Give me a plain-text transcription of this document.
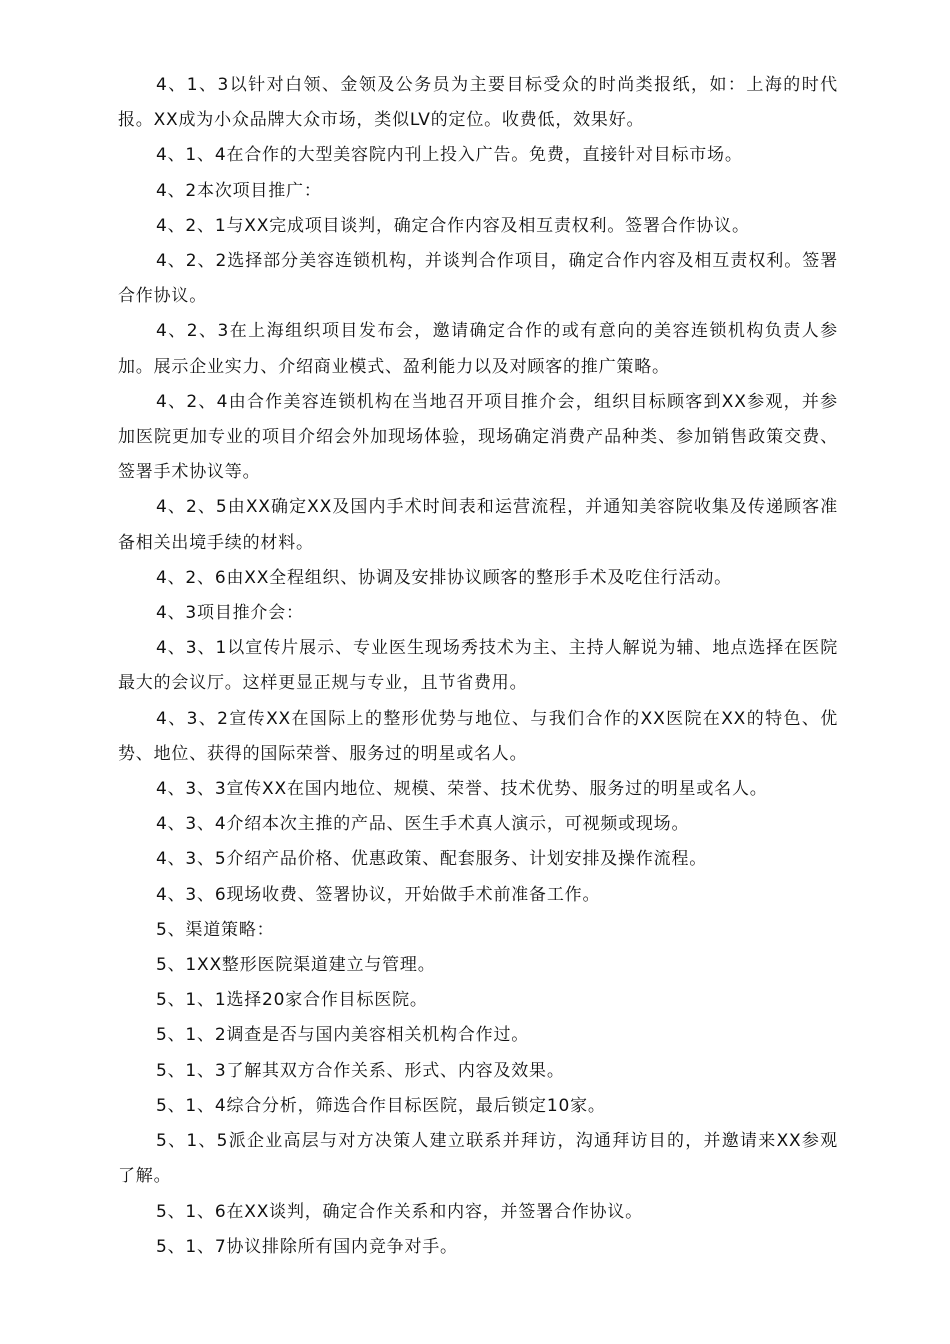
4、1、3以针对白领、金领及公务员为主要目标受众的时尚类报纸，如：上海的时代报。XX成为小众品牌大众市场，类似LV的定位。收费低，效果好。

4、1、4在合作的大型美容院内刊上投入广告。免费，直接针对目标市场。

4、2本次项目推广：

4、2、1与XX完成项目谈判，确定合作内容及相互责权利。签署合作协议。

4、2、2选择部分美容连锁机构，并谈判合作项目，确定合作内容及相互责权利。签署合作协议。

4、2、3在上海组织项目发布会，邀请确定合作的或有意向的美容连锁机构负责人参加。展示企业实力、介绍商业模式、盈利能力以及对顾客的推广策略。

4、2、4由合作美容连锁机构在当地召开项目推介会，组织目标顾客到XX参观，并参加医院更加专业的项目介绍会外加现场体验，现场确定消费产品种类、参加销售政策交费、签署手术协议等。

4、2、5由XX确定XX及国内手术时间表和运营流程，并通知美容院收集及传递顾客准备相关出境手续的材料。

4、2、6由XX全程组织、协调及安排协议顾客的整形手术及吃住行活动。

4、3项目推介会：

4、3、1以宣传片展示、专业医生现场秀技术为主、主持人解说为辅、地点选择在医院最大的会议厅。这样更显正规与专业，且节省费用。

4、3、2宣传XX在国际上的整形优势与地位、与我们合作的XX医院在XX的特色、优势、地位、获得的国际荣誉、服务过的明星或名人。

4、3、3宣传XX在国内地位、规模、荣誉、技术优势、服务过的明星或名人。

4、3、4介绍本次主推的产品、医生手术真人演示，可视频或现场。

4、3、5介绍产品价格、优惠政策、配套服务、计划安排及操作流程。

4、3、6现场收费、签署协议，开始做手术前准备工作。

5、渠道策略：

5、1XX整形医院渠道建立与管理。

5、1、1选择20家合作目标医院。

5、1、2调查是否与国内美容相关机构合作过。

5、1、3了解其双方合作关系、形式、内容及效果。

5、1、4综合分析，筛选合作目标医院，最后锁定10家。

5、1、5派企业高层与对方决策人建立联系并拜访，沟通拜访目的，并邀请来XX参观了解。

5、1、6在XX谈判，确定合作关系和内容，并签署合作协议。

5、1、7协议排除所有国内竞争对手。
